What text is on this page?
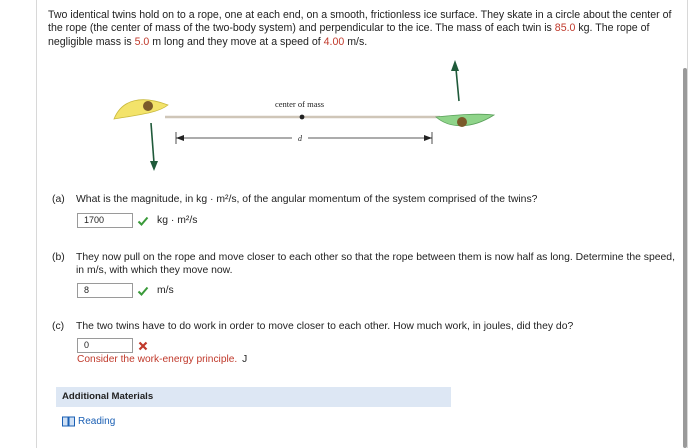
Two identical twins hold on to a rope, one at each end, on a smooth, frictionless ice surface. They skate in a circle about the center of the rope (the center of mass of the two-body system) and perpendicular to the ice. The mass of each twin is 85.0 kg. The rope of negligible mass is 5.0 m long and they move at a speed of 4.00 m/s.
center of mass
d
(a) What is the magnitude, in kg · m²/s, of the angular momentum of the system comprised of the twins?
1700	kg · m²/s
(b)	They now pull on the rope and move closer to each other so that the rope between them is now half as long. Determine the speed, in m/s, with which they move now.
8	m/s
(c) The two twins have to do work in order to move closer to each other. How much work, in joules, did they do?
0
Consider the work-energy principle. J
Additional Materials
Reading
